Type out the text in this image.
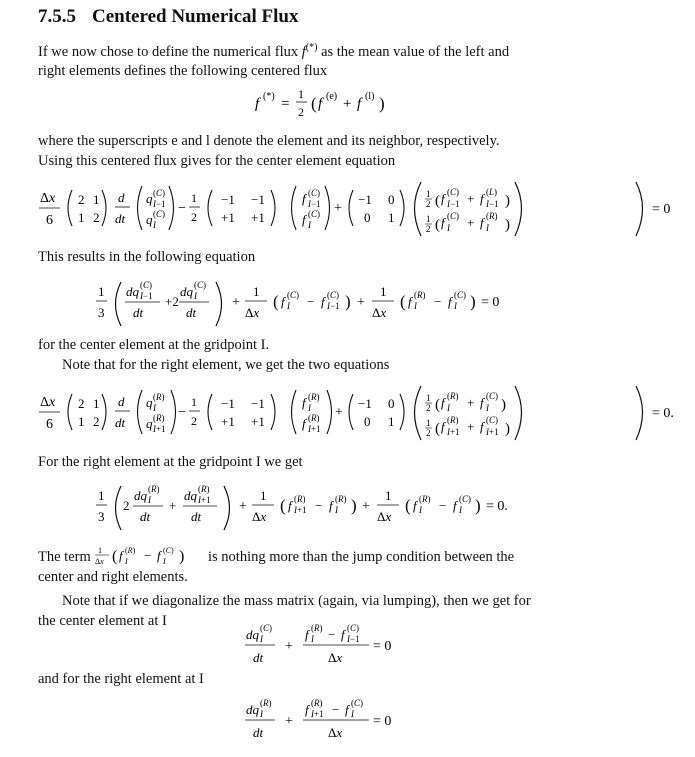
7.5.5 Centered Numerical Flux
If we now chose to define the numerical flux f(*) as the mean value of the left and
right elements defines the following centered flux
f (*) =
1
2 ( f (e) + f (l) )
where the superscripts e and l denote the element and its neighbor, respectively.
Using this centered flux gives for the center element equation
Δx
6
2 1
1 2
d
dt
q (C)
I−1
q (C)
I
−
1
2
−1 −1
+1 +1
f (C)
I−1
f (C)
I
+
−1 0
0 1
1
2 ( f (C)
I−1 + f (L)
I−1 )
1
2 ( f (C)
I + f (R)
I )
= 0
This results in the following equation
1
3
dq (C)
I−1
dt
+2
dq (C)
I
dt
+
1
Δx
( f (C)
I − f (C)
I−1 ) +
1
Δx
( f (R)
I − f (C)
I ) = 0
for the center element at the gridpoint I.
Note that for the right element, we get the two equations
Δx
6
2 1
1 2
d
dt
q (R)
I
q (R)
I+1
−
1
2
−1 −1
+1 +1
f (R)
I
f (R)
I+1
+
−1 0
0 1
1
2 ( f (R)
I + f (C)
I )
1
2 ( f (R)
I+1 + f (C)
I+1 )
= 0.
For the right element at the gridpoint I we get
1
3
2
dq (R)
I
dt
+
dq (R)
I+1
dt
+
1
Δx
( f (R)
I+1 − f (R)
I ) +
1
Δx
( f (R)
I − f (C)
I ) = 0.
The term 1
Δx ( f (R)
I − f (C)
I ) is nothing more than the jump condition between the
center and right elements.
Note that if we diagonalize the mass matrix (again, via lumping), then we get for
the center element at I
dq (C)
I
dt
+
f (R)
I − f (C)
I−1
Δx
= 0
and for the right element at I
dq (R)
I
dt
+
f (R)
I+1 − f (C)
I
Δx
= 0
